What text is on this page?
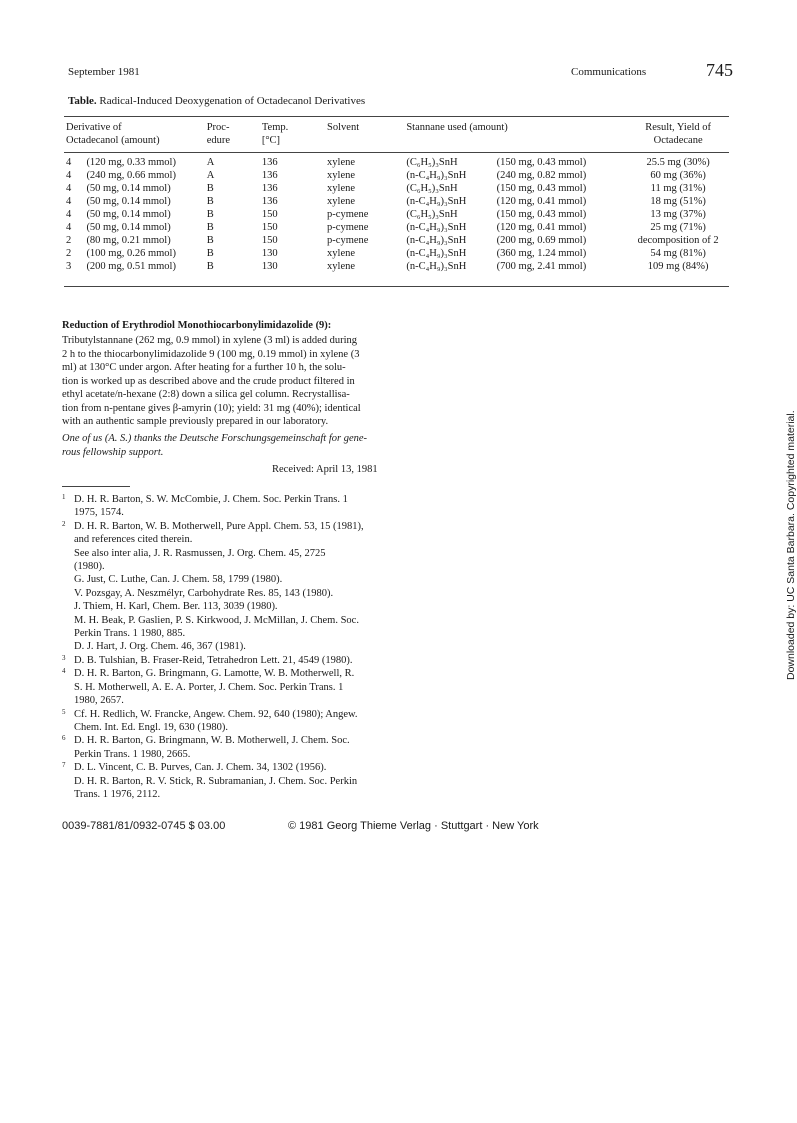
September 1981	Communications	745
Table. Radical-Induced Deoxygenation of Octadecanol Derivatives
Derivative of		Proc-	Temp.	Solvent	Stannane used (amount)		Result, Yield of
Octadecanol (amount)		edure	[°C]				Octadecane

4	(120 mg, 0.33 mmol)	A	136	xylene	(C₆H₅)₃SnH	(150 mg, 0.43 mmol)	25.5 mg (30%)
4	(240 mg, 0.66 mmol)	A	136	xylene	(n-C₄H₉)₃SnH	(240 mg, 0.82 mmol)	60 mg (36%)
4	(50 mg, 0.14 mmol)	B	136	xylene	(C₆H₅)₃SnH	(150 mg, 0.43 mmol)	11 mg (31%)
4	(50 mg, 0.14 mmol)	B	136	xylene	(n-C₄H₉)₃SnH	(120 mg, 0.41 mmol)	18 mg (51%)
4	(50 mg, 0.14 mmol)	B	150	p-cymene	(C₆H₅)₃SnH	(150 mg, 0.43 mmol)	13 mg (37%)
4	(50 mg, 0.14 mmol)	B	150	p-cymene	(n-C₄H₉)₃SnH	(120 mg, 0.41 mmol)	25 mg (71%)
2	(80 mg, 0.21 mmol)	B	150	p-cymene	(n-C₄H₉)₃SnH	(200 mg, 0.69 mmol)	decomposition of 2
2	(100 mg, 0.26 mmol)	B	130	xylene	(n-C₄H₉)₃SnH	(360 mg, 1.24 mmol)	54 mg (81%)
3	(200 mg, 0.51 mmol)	B	130	xylene	(n-C₄H₉)₃SnH	(700 mg, 2.41 mmol)	109 mg (84%)
Reduction of Erythrodiol Monothiocarbonylimidazolide (9):
Tributylstannane (262 mg, 0.9 mmol) in xylene (3 ml) is added during
2 h to the thiocarbonylimidazolide 9 (100 mg, 0.19 mmol) in xylene (3
ml) at 130°C under argon. After heating for a further 10 h, the solu-
tion is worked up as described above and the crude product filtered in
ethyl acetate/n-hexane (2:8) down a silica gel column. Recrystallisa-
tion from n-pentane gives β-amyrin (10); yield: 31 mg (40%); identical
with an authentic sample previously prepared in our laboratory.
One of us (A. S.) thanks the Deutsche Forschungsgemeinschaft for gene-
rous fellowship support.
Received: April 13, 1981
1 D. H. R. Barton, S. W. McCombie, J. Chem. Soc. Perkin Trans. 1
1975, 1574.
2 D. H. R. Barton, W. B. Motherwell, Pure Appl. Chem. 53, 15 (1981),
and references cited therein.
See also inter alia, J. R. Rasmussen, J. Org. Chem. 45, 2725
(1980).
G. Just, C. Luthe, Can. J. Chem. 58, 1799 (1980).
V. Pozsgay, A. Neszmélyr, Carbohydrate Res. 85, 143 (1980).
J. Thiem, H. Karl, Chem. Ber. 113, 3039 (1980).
M. H. Beak, P. Gaslien, P. S. Kirkwood, J. McMillan, J. Chem. Soc.
Perkin Trans. 1 1980, 885.
D. J. Hart, J. Org. Chem. 46, 367 (1981).
3 D. B. Tulshian, B. Fraser-Reid, Tetrahedron Lett. 21, 4549 (1980).
4 D. H. R. Barton, G. Bringmann, G. Lamotte, W. B. Motherwell, R.
S. H. Motherwell, A. E. A. Porter, J. Chem. Soc. Perkin Trans. 1
1980, 2657.
5 Cf. H. Redlich, W. Francke, Angew. Chem. 92, 640 (1980); Angew.
Chem. Int. Ed. Engl. 19, 630 (1980).
6 D. H. R. Barton, G. Bringmann, W. B. Motherwell, J. Chem. Soc.
Perkin Trans. 1 1980, 2665.
7 D. L. Vincent, C. B. Purves, Can. J. Chem. 34, 1302 (1956).
D. H. R. Barton, R. V. Stick, R. Subramanian, J. Chem. Soc. Perkin
Trans. 1 1976, 2112.
0039-7881/81/0932-0745 $ 03.00	© 1981 Georg Thieme Verlag · Stuttgart · New York
Downloaded by: UC Santa Barbara. Copyrighted material.
